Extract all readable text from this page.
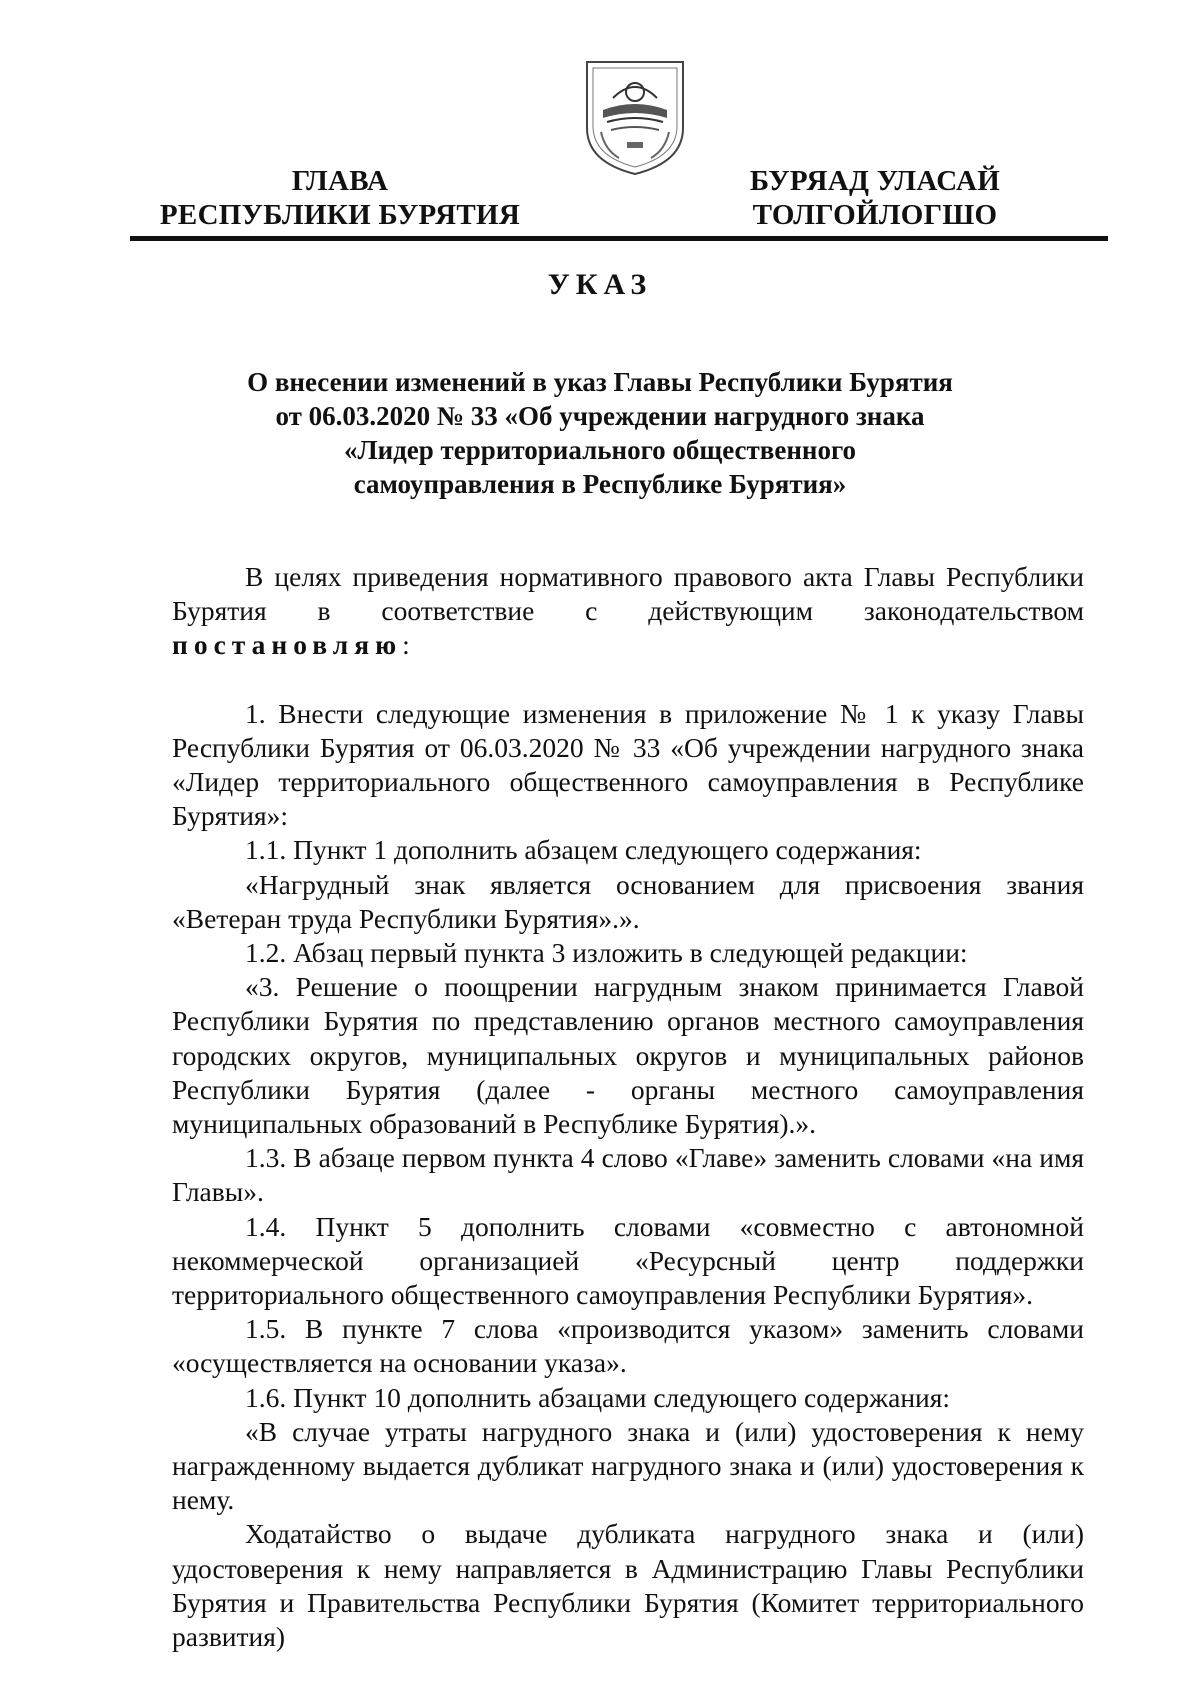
ГЛАВА
РЕСПУБЛИКИ БУРЯТИЯ
БУРЯАД УЛАСАЙ
ТОЛГОЙЛОГШО
УКАЗ
О внесении изменений в указ Главы Республики Бурятия
от 06.03.2020 № 33 «Об учреждении нагрудного знака
«Лидер территориального общественного
самоуправления в Республике Бурятия»

В целях приведения нормативного правового акта Главы Республики Бурятия в соответствие с действующим законодательством постановляю:

1. Внести следующие изменения в приложение № 1 к указу Главы Республики Бурятия от 06.03.2020 № 33 «Об учреждении нагрудного знака «Лидер территориального общественного самоуправления в Республике Бурятия»:

1.1. Пункт 1 дополнить абзацем следующего содержания:

«Нагрудный знак является основанием для присвоения звания «Ветеран труда Республики Бурятия».».

1.2. Абзац первый пункта 3 изложить в следующей редакции:

«3. Решение о поощрении нагрудным знаком принимается Главой Республики Бурятия по представлению органов местного самоуправления городских округов, муниципальных округов и муниципальных районов Республики Бурятия (далее - органы местного самоуправления муниципальных образований в Республике Бурятия).».

1.3. В абзаце первом пункта 4 слово «Главе» заменить словами «на имя Главы».

1.4. Пункт 5 дополнить словами «совместно с автономной некоммерческой организацией «Ресурсный центр поддержки территориального общественного самоуправления Республики Бурятия».

1.5. В пункте 7 слова «производится указом» заменить словами «осуществляется на основании указа».

1.6. Пункт 10 дополнить абзацами следующего содержания:

«В случае утраты нагрудного знака и (или) удостоверения к нему награжденному выдается дубликат нагрудного знака и (или) удостоверения к нему.

Ходатайство о выдаче дубликата нагрудного знака и (или) удостоверения к нему направляется в Администрацию Главы Республики Бурятия и Правительства Республики Бурятия (Комитет территориального развития)
